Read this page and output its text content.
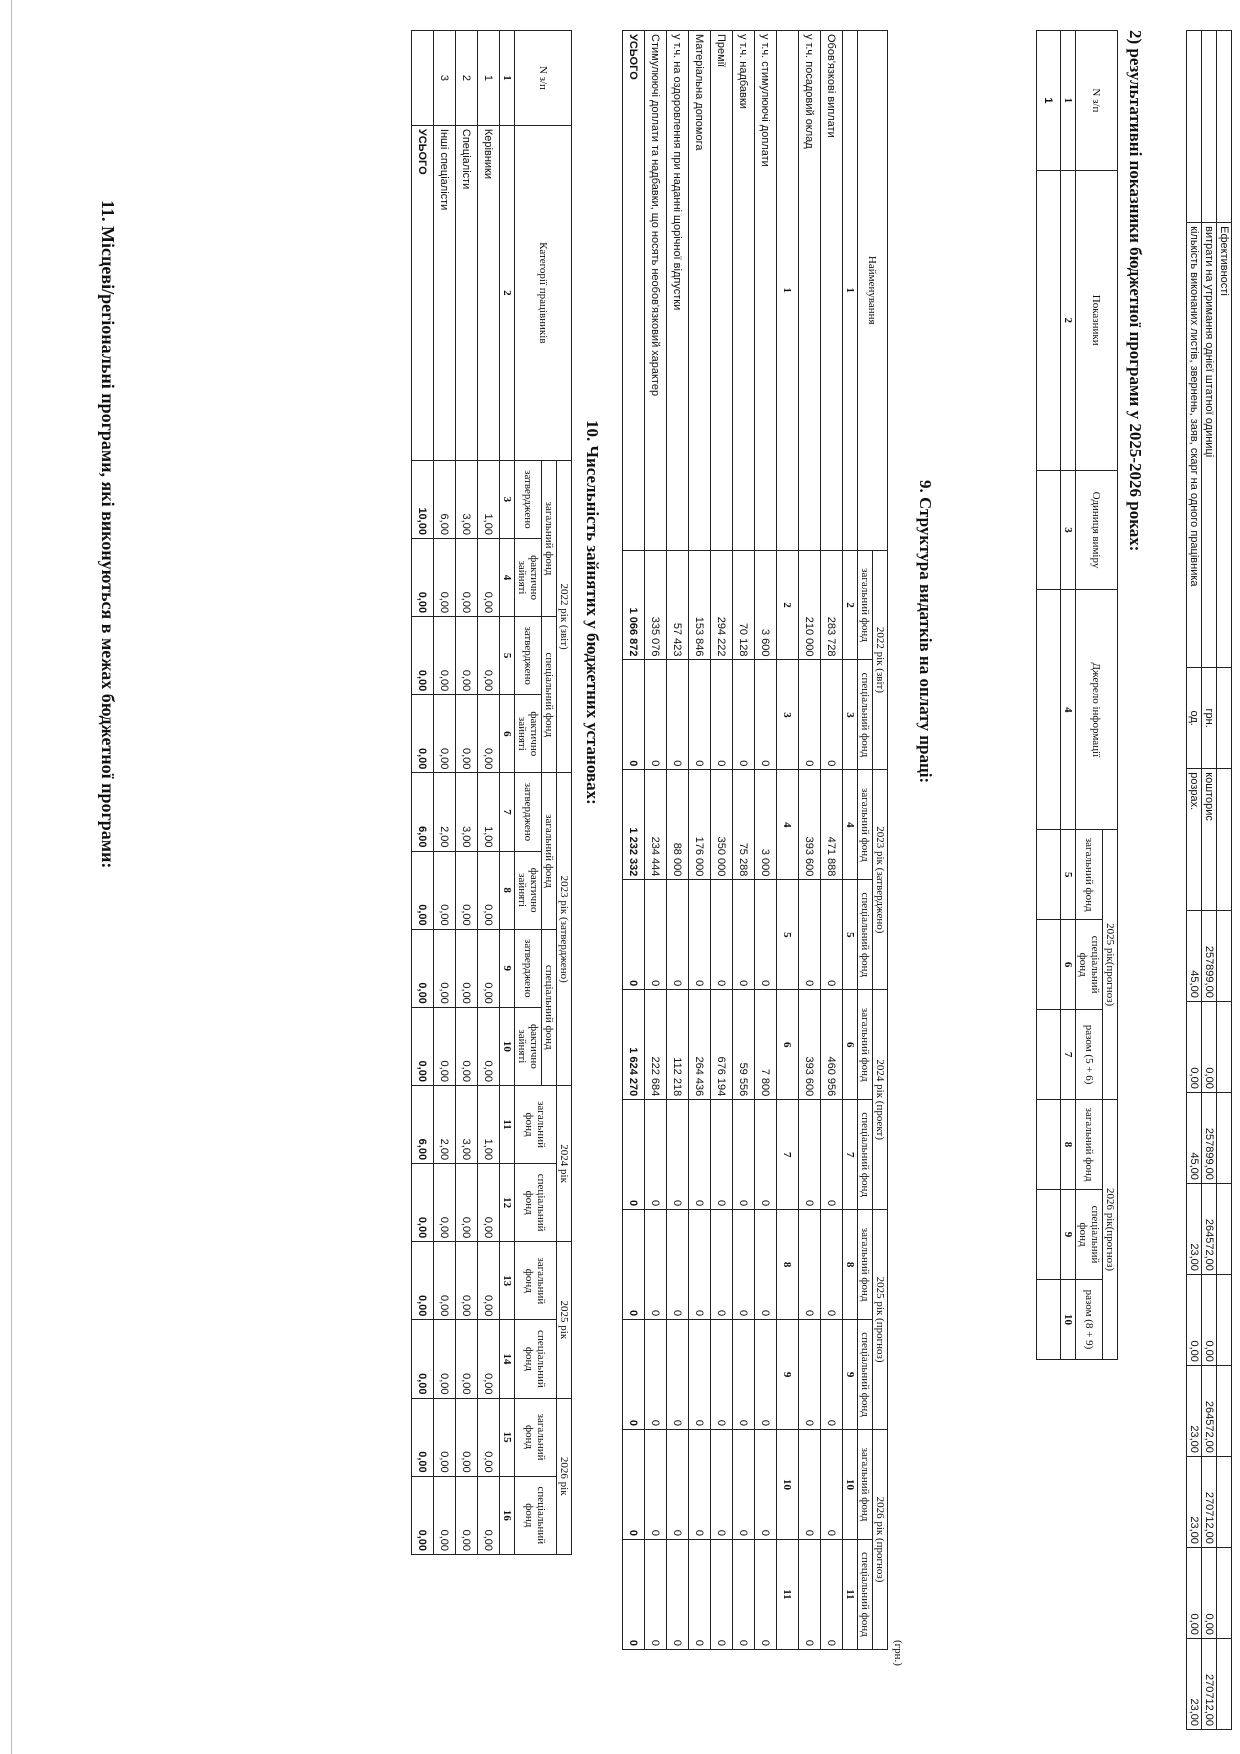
	Ефективності											
	витрати на утримання однієї штатної одиниці	грн.	кошторис	257899,00	0,00	257899,00	264572,00	0,00	264572,00	270712,00	0,00	270712,00
	кількість виконаних листів, звернень, заяв, скарг на одного працівника	од.	розрах.	45,00	0,00	45,00	23,00	0,00	23,00	23,00	0,00	23,00
2) результативні показники бюджетної програми у 2025-2026 роках:
N з/п	Показники	Одиниця виміру	Джерело інформації	2025 рік(прогноз)			2026 рік(прогноз)		
				загальний фонд	спеціальний фонд	разом (5 + 6)	загальний фонд	спеціальний фонд	разом (8 + 9)
1	2	3	4	5	6	7	8	9	10
1									
9. Структура видатків на оплату праці:
(грн.)
Найменування	2022 рік (звіт)		2023 рік (затверджено)		2024 рік (проект)		2025 рік (прогноз)		2026 рік (прогноз)	
	загальний фонд	спеціальний фонд	загальний фонд	спеціальний фонд	загальний фонд	спеціальний фонд	загальний фонд	спеціальний фонд	загальний фонд	спеціальний фонд
1	2	3	4	5	6	7	8	9	10	11
Обов'язкові виплати	283 728	0	471 888	0	460 956	0	0	0	0	0
у т.ч. посадовий оклад	210 000	0	393 600	0	393 600	0	0	0	0	0
1	2	3	4	5	6	7	8	9	10	11
у т.ч. стимулюючі доплати	3 600	0	3 000	0	7 800	0	0	0	0	0
у т.ч. надбавки	70 128	0	75 288	0	59 556	0	0	0	0	0
Премії	294 222	0	350 000	0	676 194	0	0	0	0	0
Матеріальна допомога	153 846	0	176 000	0	264 436	0	0	0	0	0
у т.ч. на оздоровлення при наданні щорічної відпустки	57 423	0	88 000	0	112 218	0	0	0	0	0
Стимулюючі доплати та надбавки, що носять необов'язковий характер	335 076	0	234 444	0	222 684	0	0	0	0	0
УСЬОГО	1 066 872	0	1 232 332	0	1 624 270	0	0	0	0	0
10. Чисельність зайнятих у бюджетних установах:
N з/п	Категорії працівників	2022 рік (звіт)				2023 рік (затверджено)				2024 рік		2025 рік		2026 рік	
		загальний фонд		спеціальний фонд		загальний фонд		спеціальний фонд		загальний фонд	спеціальний фонд	загальний фонд	спеціальний фонд	загальний фонд	спеціальний фонд
		затверджено	фактично зайняті	затверджено	фактично зайняті	затверджено	фактично зайняті	затверджено	фактично зайняті						
1	2	3	4	5	6	7	8	9	10	11	12	13	14	15	16
1	Керівники	1,00	0,00	0,00	0,00	1,00	0,00	0,00	0,00	1,00	0,00	0,00	0,00	0,00	0,00
2	Спеціалісти	3,00	0,00	0,00	0,00	3,00	0,00	0,00	0,00	3,00	0,00	0,00	0,00	0,00	0,00
3	Інші спеціалісти	6,00	0,00	0,00	0,00	2,00	0,00	0,00	0,00	2,00	0,00	0,00	0,00	0,00	0,00
	УСЬОГО	10,00	0,00	0,00	0,00	6,00	0,00	0,00	0,00	6,00	0,00	0,00	0,00	0,00	0,00
11. Місцеві/регіональні програми, які виконуються в межах бюджетної програми:
